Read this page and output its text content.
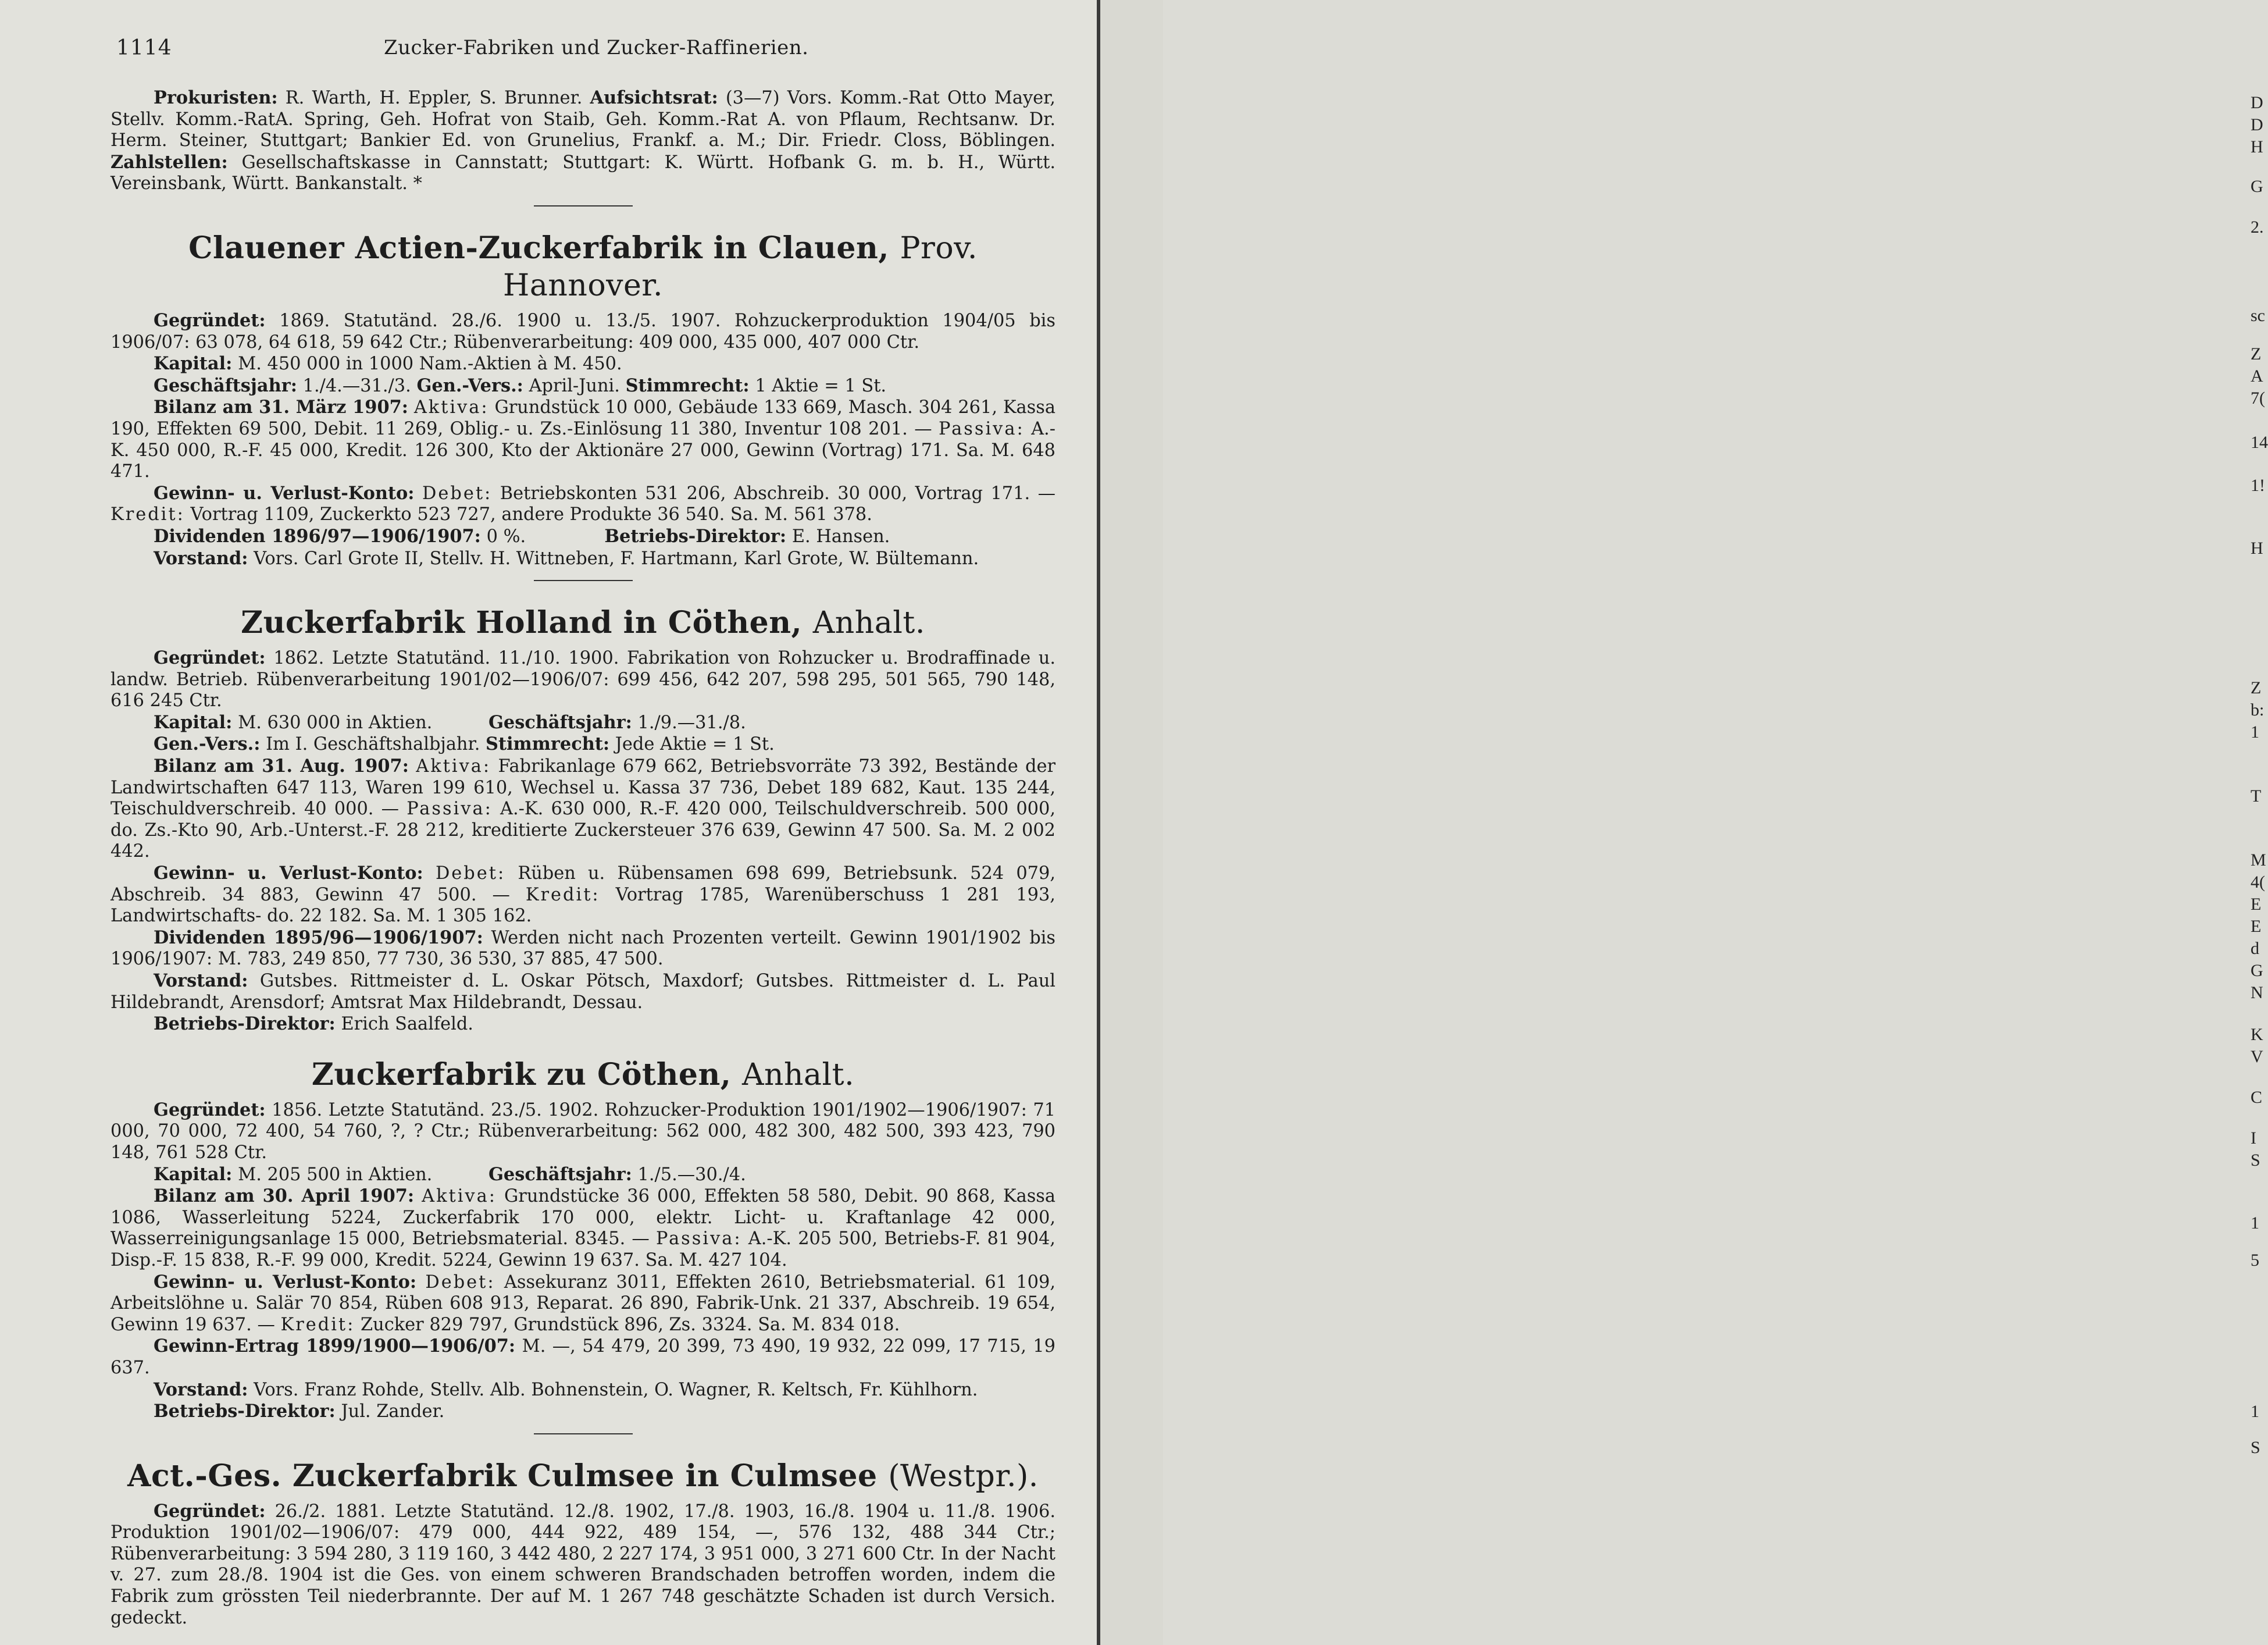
1114	Zucker-Fabriken und Zucker-Raffinerien.

Prokuristen: R. Warth, H. Eppler, S. Brunner. Aufsichtsrat: (3—7) Vors. Komm.-Rat Otto Mayer, Stellv. Komm.-RatA. Spring, Geh. Hofrat von Staib, Geh. Komm.-Rat A. von Pflaum, Rechtsanw. Dr. Herm. Steiner, Stuttgart; Bankier Ed. von Grunelius, Frankf. a. M.; Dir. Friedr. Closs, Böblingen. Zahlstellen: Gesellschaftskasse in Cannstatt; Stuttgart: K. Württ. Hofbank G. m. b. H., Württ. Vereinsbank, Württ. Bankanstalt. *

Clauener Actien-Zuckerfabrik in Clauen, Prov. Hannover.

Gegründet: 1869. Statutänd. 28./6. 1900 u. 13./5. 1907. Rohzuckerproduktion 1904/05 bis 1906/07: 63 078, 64 618, 59 642 Ctr.; Rübenverarbeitung: 409 000, 435 000, 407 000 Ctr.

Kapital: M. 450 000 in 1000 Nam.-Aktien à M. 450.

Geschäftsjahr: 1./4.—31./3. Gen.-Vers.: April-Juni. Stimmrecht: 1 Aktie = 1 St.

Bilanz am 31. März 1907: Aktiva: Grundstück 10 000, Gebäude 133 669, Masch. 304 261, Kassa 190, Effekten 69 500, Debit. 11 269, Oblig.- u. Zs.-Einlösung 11 380, Inventur 108 201. — Passiva: A.-K. 450 000, R.-F. 45 000, Kredit. 126 300, Kto der Aktionäre 27 000, Gewinn (Vortrag) 171. Sa. M. 648 471.

Gewinn- u. Verlust-Konto: Debet: Betriebskonten 531 206, Abschreib. 30 000, Vortrag 171. — Kredit: Vortrag 1109, Zuckerkto 523 727, andere Produkte 36 540. Sa. M. 561 378.

Dividenden 1896/97—1906/1907: 0 %.	Betriebs-Direktor: E. Hansen.

Vorstand: Vors. Carl Grote II, Stellv. H. Wittneben, F. Hartmann, Karl Grote, W. Bültemann.

Zuckerfabrik Holland in Cöthen, Anhalt.

Gegründet: 1862. Letzte Statutänd. 11./10. 1900. Fabrikation von Rohzucker u. Brodraffinade u. landw. Betrieb. Rübenverarbeitung 1901/02—1906/07: 699 456, 642 207, 598 295, 501 565, 790 148, 616 245 Ctr.

Kapital: M. 630 000 in Aktien.	Geschäftsjahr: 1./9.—31./8.

Gen.-Vers.: Im I. Geschäftshalbjahr. Stimmrecht: Jede Aktie = 1 St.

Bilanz am 31. Aug. 1907: Aktiva: Fabrikanlage 679 662, Betriebsvorräte 73 392, Bestände der Landwirtschaften 647 113, Waren 199 610, Wechsel u. Kassa 37 736, Debet 189 682, Kaut. 135 244, Teischuldverschreib. 40 000. — Passiva: A.-K. 630 000, R.-F. 420 000, Teilschuldverschreib. 500 000, do. Zs.-Kto 90, Arb.-Unterst.-F. 28 212, kreditierte Zuckersteuer 376 639, Gewinn 47 500. Sa. M. 2 002 442.

Gewinn- u. Verlust-Konto: Debet: Rüben u. Rübensamen 698 699, Betriebsunk. 524 079, Abschreib. 34 883, Gewinn 47 500. — Kredit: Vortrag 1785, Warenüberschuss 1 281 193, Landwirtschafts- do. 22 182. Sa. M. 1 305 162.

Dividenden 1895/96—1906/1907: Werden nicht nach Prozenten verteilt. Gewinn 1901/1902 bis 1906/1907: M. 783, 249 850, 77 730, 36 530, 37 885, 47 500.

Vorstand: Gutsbes. Rittmeister d. L. Oskar Pötsch, Maxdorf; Gutsbes. Rittmeister d. L. Paul Hildebrandt, Arensdorf; Amtsrat Max Hildebrandt, Dessau.

Betriebs-Direktor: Erich Saalfeld.

Zuckerfabrik zu Cöthen, Anhalt.

Gegründet: 1856. Letzte Statutänd. 23./5. 1902. Rohzucker-Produktion 1901/1902—1906/1907: 71 000, 70 000, 72 400, 54 760, ?, ? Ctr.; Rübenverarbeitung: 562 000, 482 300, 482 500, 393 423, 790 148, 761 528 Ctr.

Kapital: M. 205 500 in Aktien.	Geschäftsjahr: 1./5.—30./4.

Bilanz am 30. April 1907: Aktiva: Grundstücke 36 000, Effekten 58 580, Debit. 90 868, Kassa 1086, Wasserleitung 5224, Zuckerfabrik 170 000, elektr. Licht- u. Kraftanlage 42 000, Wasserreinigungsanlage 15 000, Betriebsmaterial. 8345. — Passiva: A.-K. 205 500, Betriebs-F. 81 904, Disp.-F. 15 838, R.-F. 99 000, Kredit. 5224, Gewinn 19 637. Sa. M. 427 104.

Gewinn- u. Verlust-Konto: Debet: Assekuranz 3011, Effekten 2610, Betriebsmaterial. 61 109, Arbeitslöhne u. Salär 70 854, Rüben 608 913, Reparat. 26 890, Fabrik-Unk. 21 337, Abschreib. 19 654, Gewinn 19 637. — Kredit: Zucker 829 797, Grundstück 896, Zs. 3324. Sa. M. 834 018.

Gewinn-Ertrag 1899/1900—1906/07: M. —, 54 479, 20 399, 73 490, 19 932, 22 099, 17 715, 19 637.

Vorstand: Vors. Franz Rohde, Stellv. Alb. Bohnenstein, O. Wagner, R. Keltsch, Fr. Kühlhorn.

Betriebs-Direktor: Jul. Zander.

Act.-Ges. Zuckerfabrik Culmsee in Culmsee (Westpr.).

Gegründet: 26./2. 1881. Letzte Statutänd. 12./8. 1902, 17./8. 1903, 16./8. 1904 u. 11./8. 1906. Produktion 1901/02—1906/07: 479 000, 444 922, 489 154, —, 576 132, 488 344 Ctr.; Rübenverarbeitung: 3 594 280, 3 119 160, 3 442 480, 2 227 174, 3 951 000, 3 271 600 Ctr. In der Nacht v. 27. zum 28./8. 1904 ist die Ges. von einem schweren Brandschaden betroffen worden, indem die Fabrik zum grössten Teil niederbrannte. Der auf M. 1 267 748 geschätzte Schaden ist durch Versich. gedeckt.

D
D
H
G
2.
sc
Z
A
7(
14
1!
H
Z
b:
1
T
M
4(
E
E
d
G
N
K
V
C
I
S
1
5
1
S
